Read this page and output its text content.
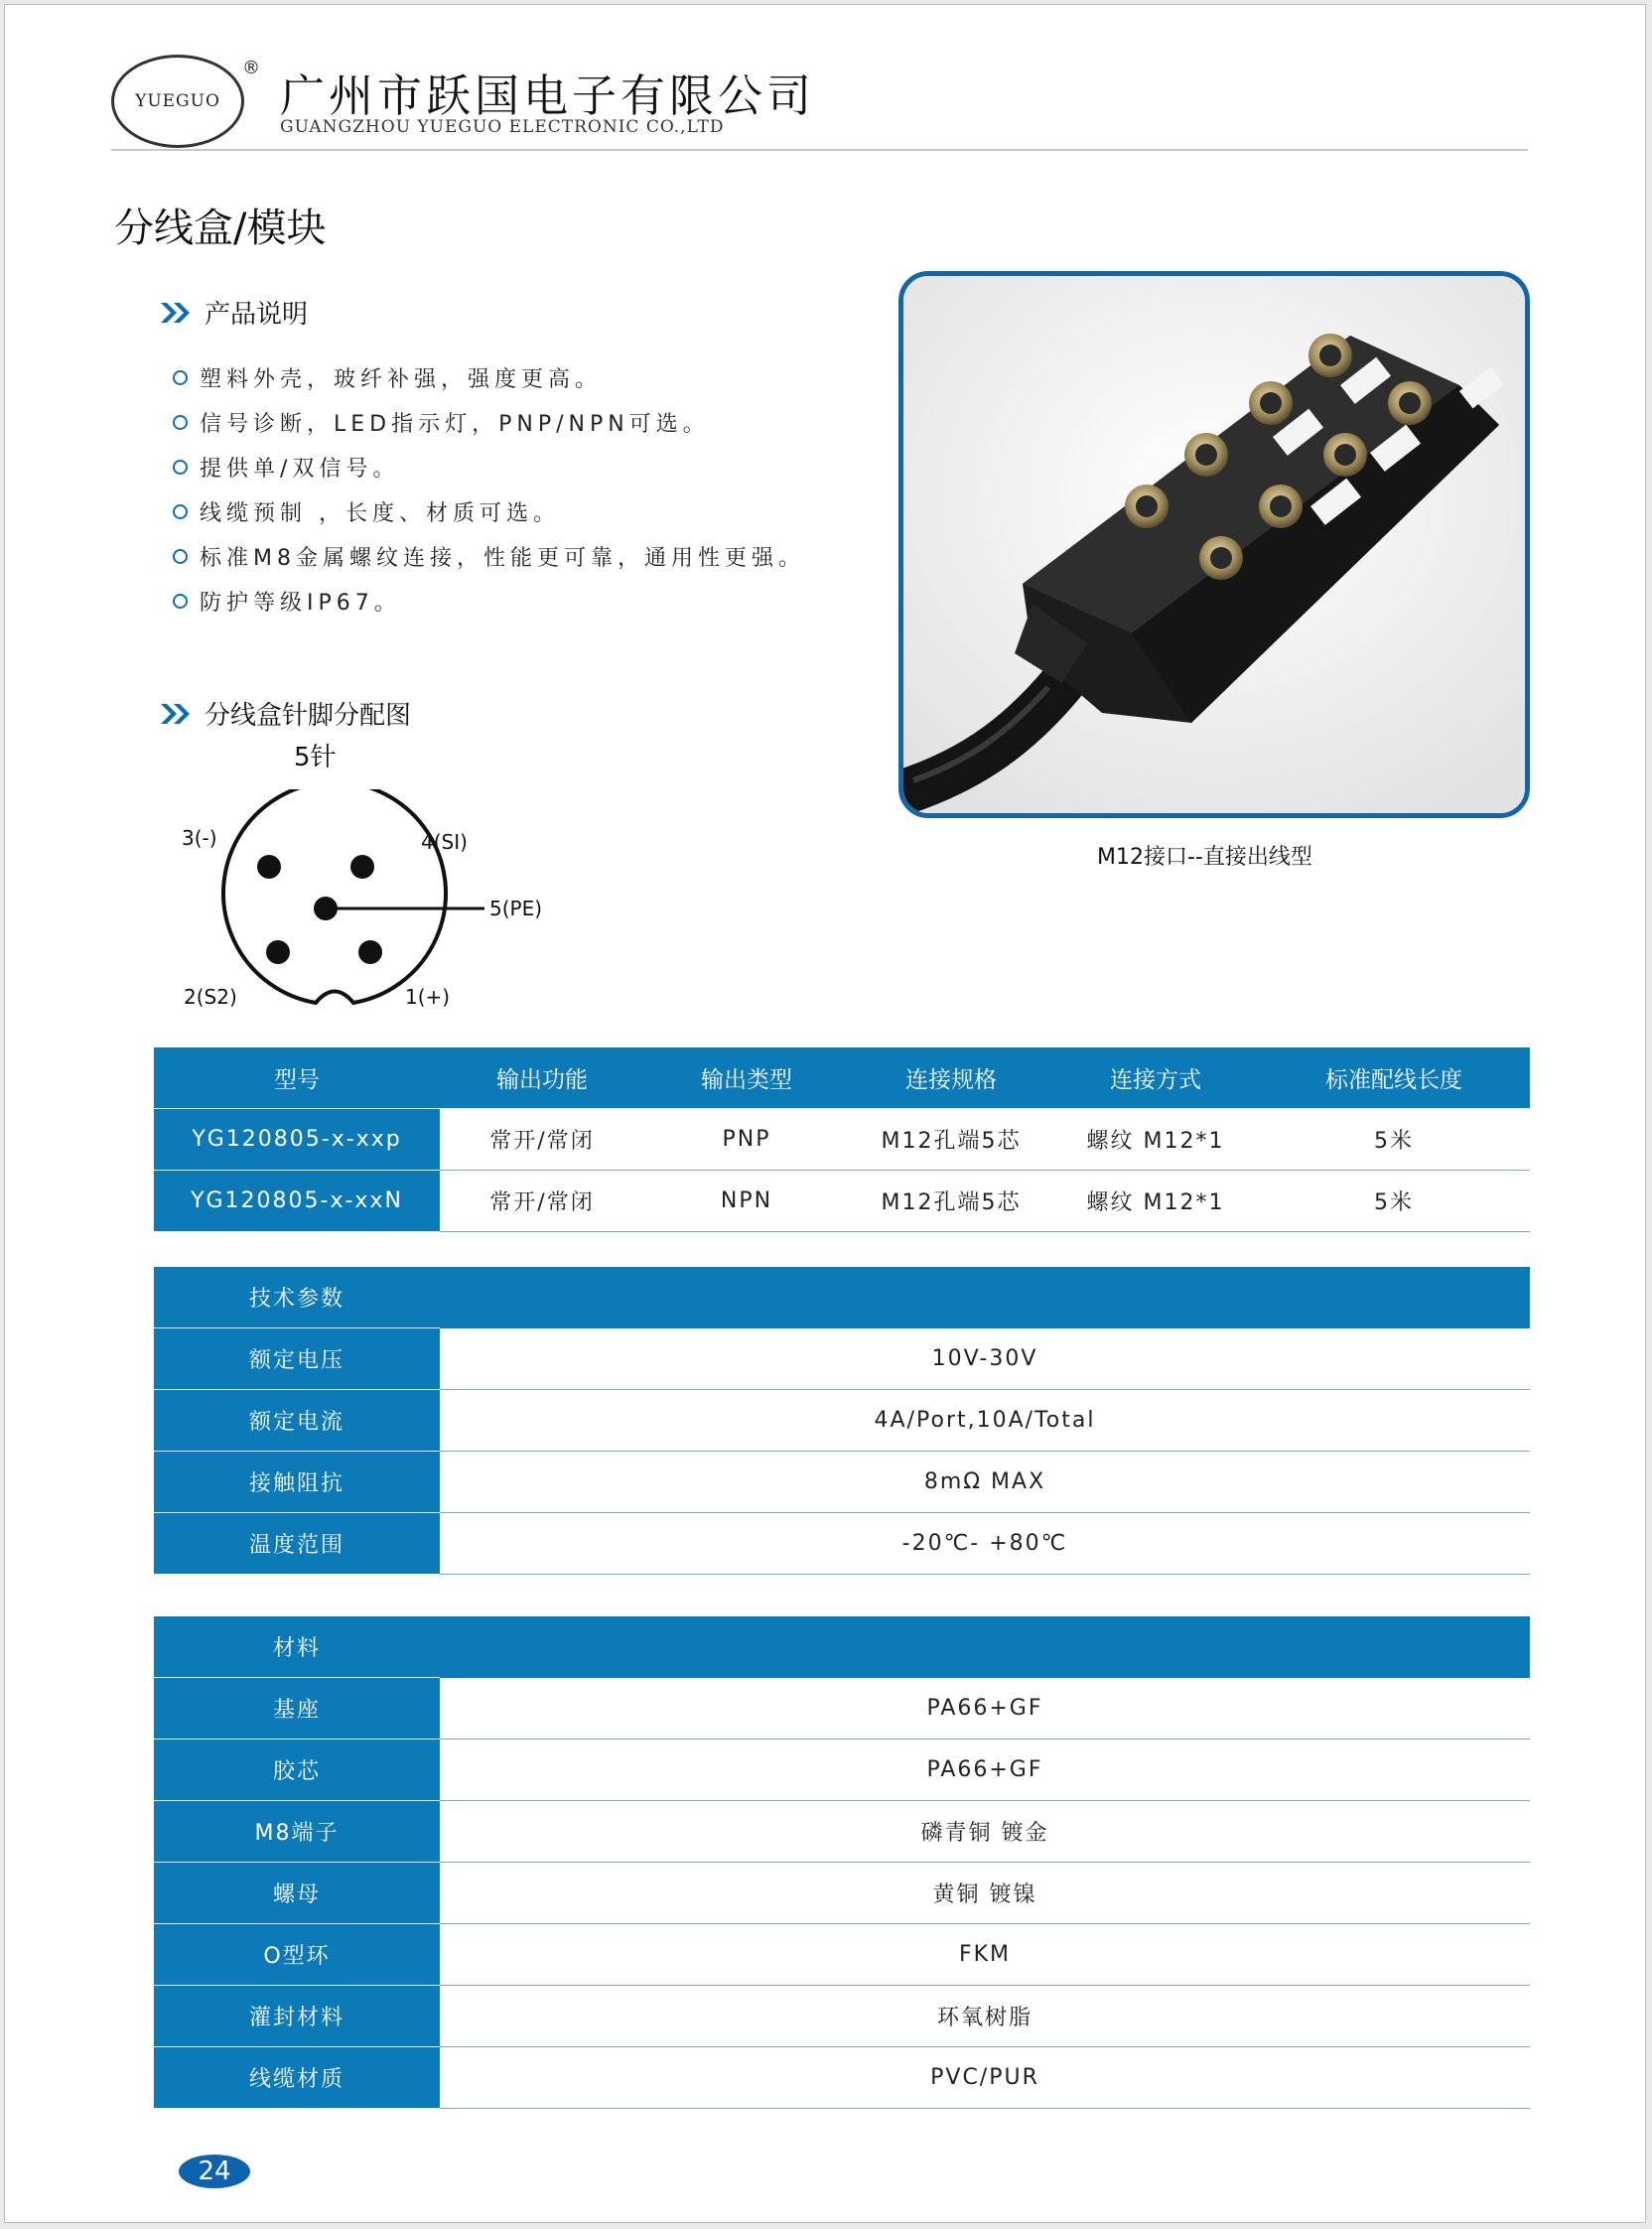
YUEGUO
®
广州市跃国电子有限公司
GUANGZHOU YUEGUO ELECTRONIC CO.,LTD
分线盒/模块
产品说明
塑料外壳，玻纤补强，强度更高。
信号诊断，LED指示灯，PNP/NPN可选。
提供单/双信号。
线缆预制 ，长度、材质可选。
标准M8金属螺纹连接，性能更可靠，通用性更强。
防护等级IP67。
分线盒针脚分配图
5针
3(-)	4(SI)
5(PE)
2(S2)	1(+)
M12接口--直接出线型
型号	输出功能	输出类型	连接规格	连接方式	标准配线长度
YG120805-x-xxp	常开/常闭	PNP	M12孔端5芯	螺纹 M12*1	5米
YG120805-x-xxN	常开/常闭	NPN	M12孔端5芯	螺纹 M12*1	5米
技术参数	
额定电压	10V-30V
额定电流	4A/Port,10A/Total
接触阻抗	8mΩ MAX
温度范围	-20℃- +80℃
材料	
基座	PA66+GF
胶芯	PA66+GF
M8端子	磷青铜 镀金
螺母	黄铜 镀镍
O型环	FKM
灌封材料	环氧树脂
线缆材质	PVC/PUR
24
